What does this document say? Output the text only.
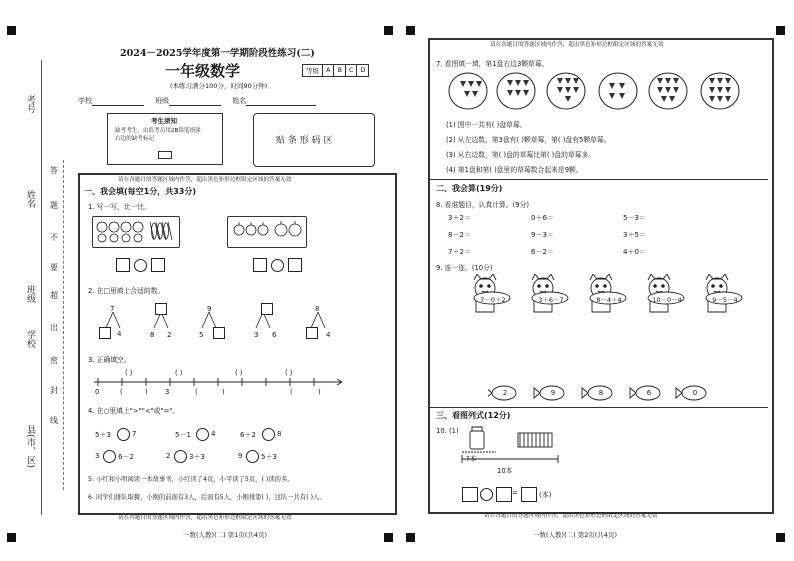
考号
姓名
班级
学校
县(市、区)
答
题
不
要
超
出
密
封
线
2024－2025学年度第一学期阶段性练习(二)
一年级数学	等级	A	B	C	D
(本练习满分100分，时间90分钟)
学校	班级	姓名
考生须知
缺考考生，由监考员用2B铅笔填涂
右边的缺考标记	贴 条 形 码 区
请在各题目的答题区域内作答，超出黑色矩形边框限定区域的答案无效
一、我会填(每空1分，共33分)
1. 写一写，比一比。
2. 在□里填上合适的数。
7
4	8 2
9
5	3 6
8
4
3. 正确填空。
( )	( )	( )	( )
0	(	)	3	(	)	(	)
4. 在○里填上">""<"或"="。
5＋3	7	5－1	4	6＋2	8
3	6－2	2	3＋3	9	5＋3
5. 小红和小明阅读一本故事书，小红读了4页，小平读了5页，( )读的多。
6. 同学们排队取餐，小刚的前面有3人，后面有5人，小刚排第( )，这队一共有( )人。
请在各题目的答题区域内作答，超出黑色矩形边框限定区域的答案无效
一数(人教)(二) 第1页(共4页)
请在各题目的答题区域内作答，超出黑色矩形边框限定区域的答案无效
7. 看图填一填，第1盘右边3颗草莓。
(1) 图中一共有( )盘草莓。
(2) 从左边数，第3盘有( )颗草莓，第( )盘有5颗草莓。
(3) 从右边数，第( )盘的草莓比第( )盘的草莓多。
(4) 第1盘和第( )盘里的草莓数合起来是9颗。
二、我会算(19分)
8. 看谁题目，认真计算。(9分)
3＋2＝	0＋6＝	5－3＝
8－2＝	9－3＝	3＋5＝
7＋2＝	6－2＝	4＋0＝
9. 连一连。(10分)
7－0＋2	3＋6－7	8－4＋4	10－0－4	9－5－4
2	9	8	6	0
三、看图列式(12分)
10. (1)
?本
10本
=	(本)
请在各题目的答题区域内作答，超出黑色矩形边框限定区域的答案无效
一数(人教)(二) 第2页(共4页)
